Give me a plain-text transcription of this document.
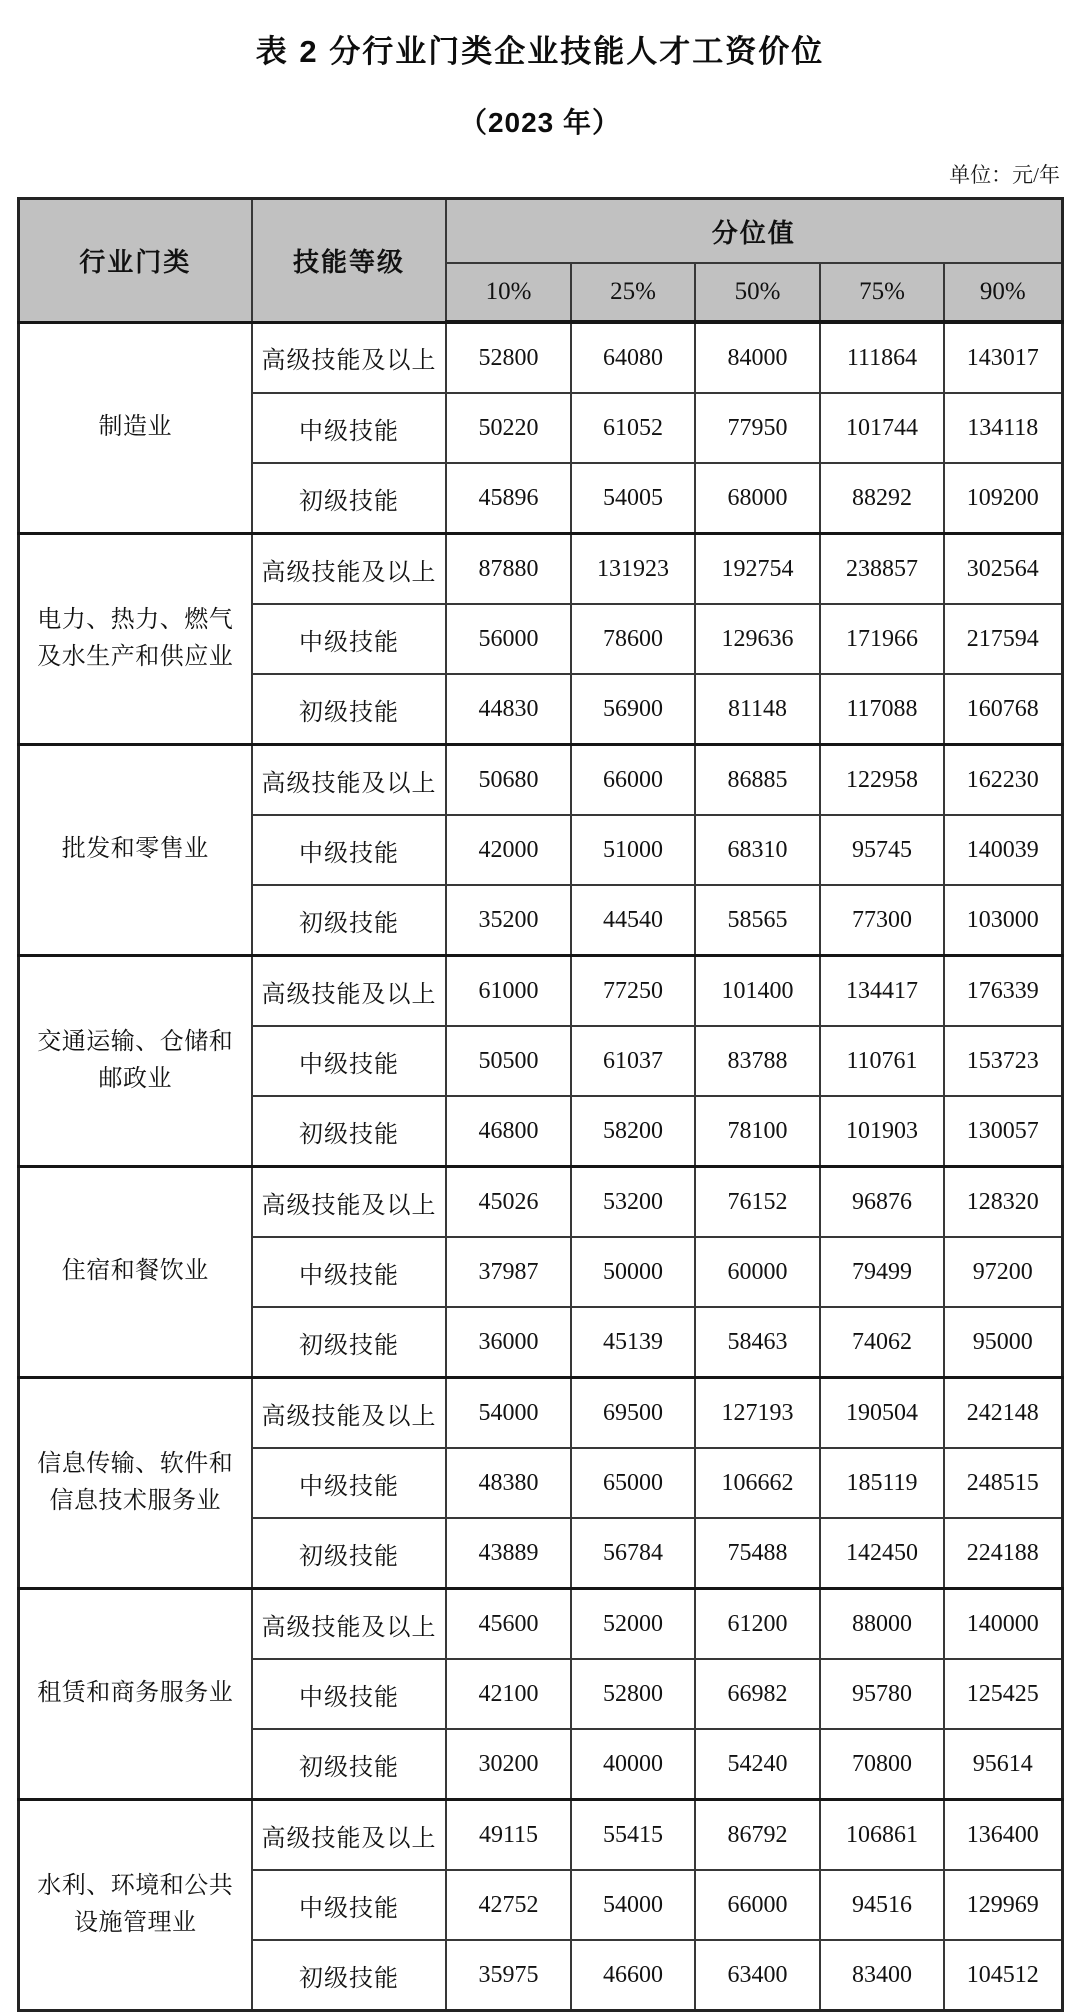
表 2 分行业门类企业技能人才工资价位
（2023 年）
单位：元/年
行业门类	技能等级	分位值				
		10%	25%	50%	75%	90%
制造业	高级技能及以上	52800	64080	84000	111864	143017
	中级技能	50220	61052	77950	101744	134118
	初级技能	45896	54005	68000	88292	109200
电力、热力、燃气及水生产和供应业	高级技能及以上	87880	131923	192754	238857	302564
	中级技能	56000	78600	129636	171966	217594
	初级技能	44830	56900	81148	117088	160768
批发和零售业	高级技能及以上	50680	66000	86885	122958	162230
	中级技能	42000	51000	68310	95745	140039
	初级技能	35200	44540	58565	77300	103000
交通运输、仓储和邮政业	高级技能及以上	61000	77250	101400	134417	176339
	中级技能	50500	61037	83788	110761	153723
	初级技能	46800	58200	78100	101903	130057
住宿和餐饮业	高级技能及以上	45026	53200	76152	96876	128320
	中级技能	37987	50000	60000	79499	97200
	初级技能	36000	45139	58463	74062	95000
信息传输、软件和信息技术服务业	高级技能及以上	54000	69500	127193	190504	242148
	中级技能	48380	65000	106662	185119	248515
	初级技能	43889	56784	75488	142450	224188
租赁和商务服务业	高级技能及以上	45600	52000	61200	88000	140000
	中级技能	42100	52800	66982	95780	125425
	初级技能	30200	40000	54240	70800	95614
水利、环境和公共设施管理业	高级技能及以上	49115	55415	86792	106861	136400
	中级技能	42752	54000	66000	94516	129969
	初级技能	35975	46600	63400	83400	104512
